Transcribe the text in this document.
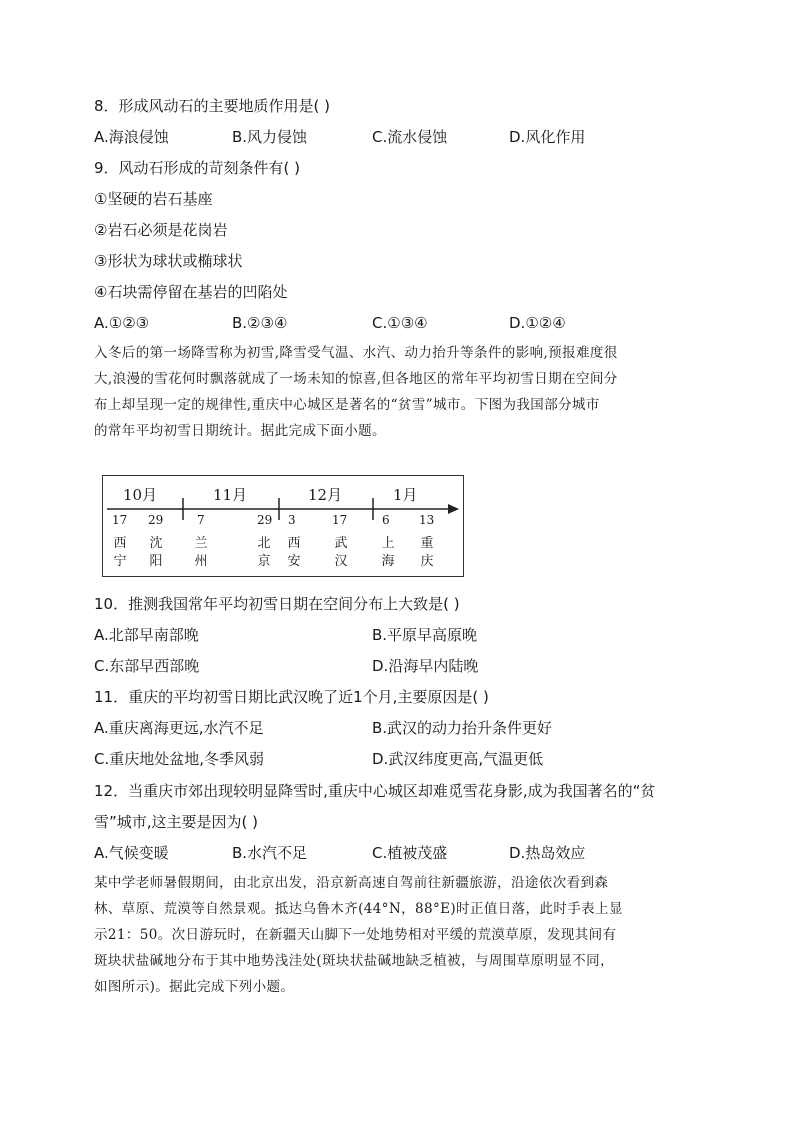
8．形成风动石的主要地质作用是( )
A.海浪侵蚀	B.风力侵蚀	C.流水侵蚀	D.风化作用
9．风动石形成的苛刻条件有( )
①坚硬的岩石基座
②岩石必须是花岗岩
③形状为球状或椭球状
④石块需停留在基岩的凹陷处
A.①②③	B.②③④	C.①③④	D.①②④
入冬后的第一场降雪称为初雪,降雪受气温、水汽、动力抬升等条件的影响,预报难度很
大,浪漫的雪花何时飘落就成了一场未知的惊喜,但各地区的常年平均初雪日期在空间分
布上却呈现一定的规律性,重庆中心城区是著名的“贫雪”城市。下图为我国部分城市
的常年平均初雪日期统计。据此完成下面小题。
10月	11月	12月	1月
17 29	7	29 3	17	6 13
西宁
沈阳
兰州
北京
西安
武汉
上海
重庆
10．推测我国常年平均初雪日期在空间分布上大致是( )
A.北部早南部晚	B.平原早高原晚
C.东部早西部晚	D.沿海早内陆晚
11．重庆的平均初雪日期比武汉晚了近1个月,主要原因是( )
A.重庆离海更远,水汽不足	B.武汉的动力抬升条件更好
C.重庆地处盆地,冬季风弱	D.武汉纬度更高,气温更低
12．当重庆市郊出现较明显降雪时,重庆中心城区却难觅雪花身影,成为我国著名的“贫
雪”城市,这主要是因为( )
A.气候变暖	B.水汽不足	C.植被茂盛	D.热岛效应
某中学老师暑假期间，由北京出发，沿京新高速自驾前往新疆旅游，沿途依次看到森
林、草原、荒漠等自然景观。抵达乌鲁木齐(44°N，88°E)时正值日落，此时手表上显
示21：50。次日游玩时，在新疆天山脚下一处地势相对平缓的荒漠草原，发现其间有
斑块状盐碱地分布于其中地势浅洼处(斑块状盐碱地缺乏植被，与周围草原明显不同，
如图所示)。据此完成下列小题。
